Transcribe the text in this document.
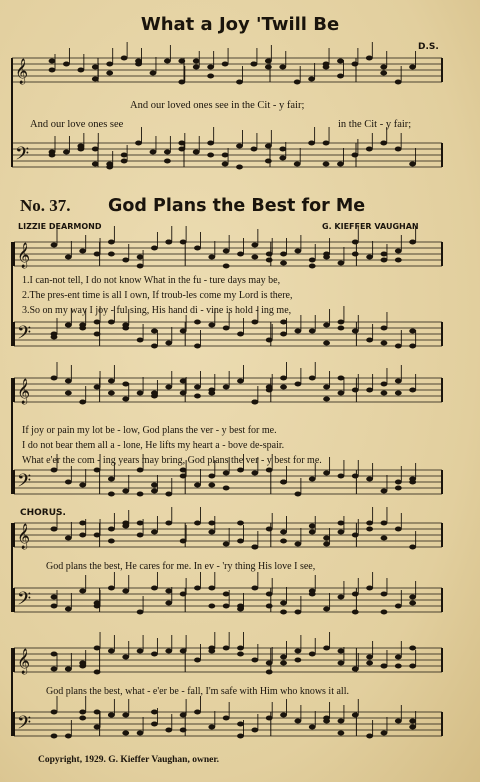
𝄞
𝄢
𝄞
𝄢
𝄞
𝄢
𝄞
𝄢
𝄞
𝄢
What a Joy 'Twill Be
D.S.
And our loved ones see in the Cit - y fair;
And our love ones see	in the Cit - y fair;
No. 37. God Plans the Best for Me
LIZZIE DEARMOND	G. KIEFFER VAUGHAN
1.I can-not tell, I do not know What in the fu - ture days may be,
2.The pres-ent time is all I own, If troub-les come my Lord is there,
3.So on my way I joy - ful sing, His hand di - vine is hold - ing me,
If joy or pain my lot be - low, God plans the ver - y best for me.
I do not bear them all a - lone, He lifts my heart a - bove de-spair.
What e'er the com - ing years may bring, God plans the ver - y best for me.
CHORUS.
God plans the best, He cares for me. In ev - 'ry thing His love I see,
God plans the best, what - e'er be - fall, I'm safe with Him who knows it all.
Copyright, 1929. G. Kieffer Vaughan, owner.
